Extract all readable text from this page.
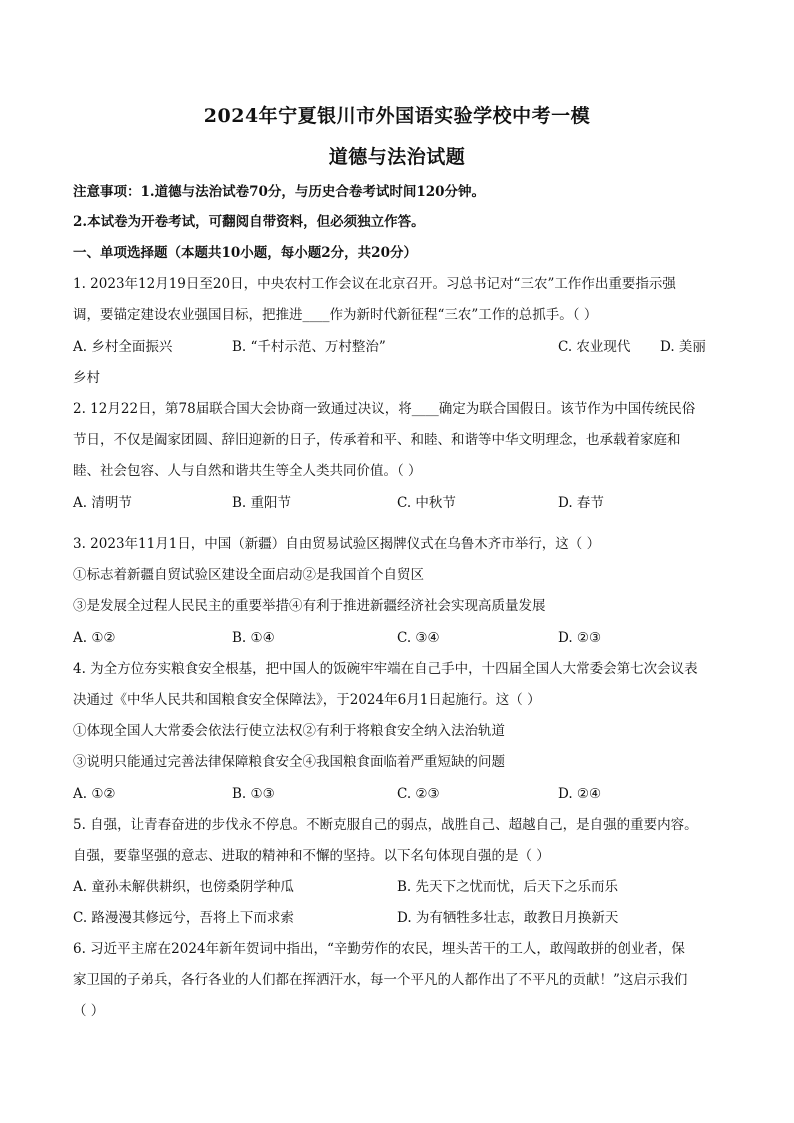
2024年宁夏银川市外国语实验学校中考一模
道德与法治试题
注意事项：1.道德与法治试卷70分，与历史合卷考试时间120分钟。
2.本试卷为开卷考试，可翻阅自带资料，但必须独立作答。
一、单项选择题（本题共10小题，每小题2分，共20分）
1. 2023年12月19日至20日，中央农村工作会议在北京召开。习总书记对“三农”工作作出重要指示强
调，要锚定建设农业强国目标，把推进____作为新时代新征程“三农”工作的总抓手。（ ）
A. 乡村全面振兴	B. “千村示范、万村整治”	C. 农业现代 D. 美丽
乡村
2. 12月22日，第78届联合国大会协商一致通过决议，将____确定为联合国假日。该节作为中国传统民俗
节日，不仅是阖家团圆、辞旧迎新的日子，传承着和平、和睦、和谐等中华文明理念，也承载着家庭和
睦、社会包容、人与自然和谐共生等全人类共同价值。（ ）
A. 清明节	B. 重阳节	C. 中秋节	D. 春节
3. 2023年11月1日，中国（新疆）自由贸易试验区揭牌仪式在乌鲁木齐市举行，这（ ）
①标志着新疆自贸试验区建设全面启动②是我国首个自贸区
③是发展全过程人民民主的重要举措④有利于推进新疆经济社会实现高质量发展
A. ①②	B. ①④	C. ③④	D. ②③
4. 为全方位夯实粮食安全根基，把中国人的饭碗牢牢端在自己手中，十四届全国人大常委会第七次会议表
决通过《中华人民共和国粮食安全保障法》，于2024年6月1日起施行。这（ ）
①体现全国人大常委会依法行使立法权②有利于将粮食安全纳入法治轨道
③说明只能通过完善法律保障粮食安全④我国粮食面临着严重短缺的问题
A. ①②	B. ①③	C. ②③	D. ②④
5. 自强，让青春奋进的步伐永不停息。不断克服自己的弱点，战胜自己、超越自己，是自强的重要内容。
自强，要靠坚强的意志、进取的精神和不懈的坚持。以下名句体现自强的是（ ）
A. 童孙未解供耕织，也傍桑阴学种瓜	B. 先天下之忧而忧，后天下之乐而乐
C. 路漫漫其修远兮，吾将上下而求索	D. 为有牺牲多壮志，敢教日月换新天
6. 习近平主席在2024年新年贺词中指出，“辛勤劳作的农民，埋头苦干的工人，敢闯敢拼的创业者，保
家卫国的子弟兵，各行各业的人们都在挥洒汗水，每一个平凡的人都作出了不平凡的贡献！”这启示我们
（ ）
